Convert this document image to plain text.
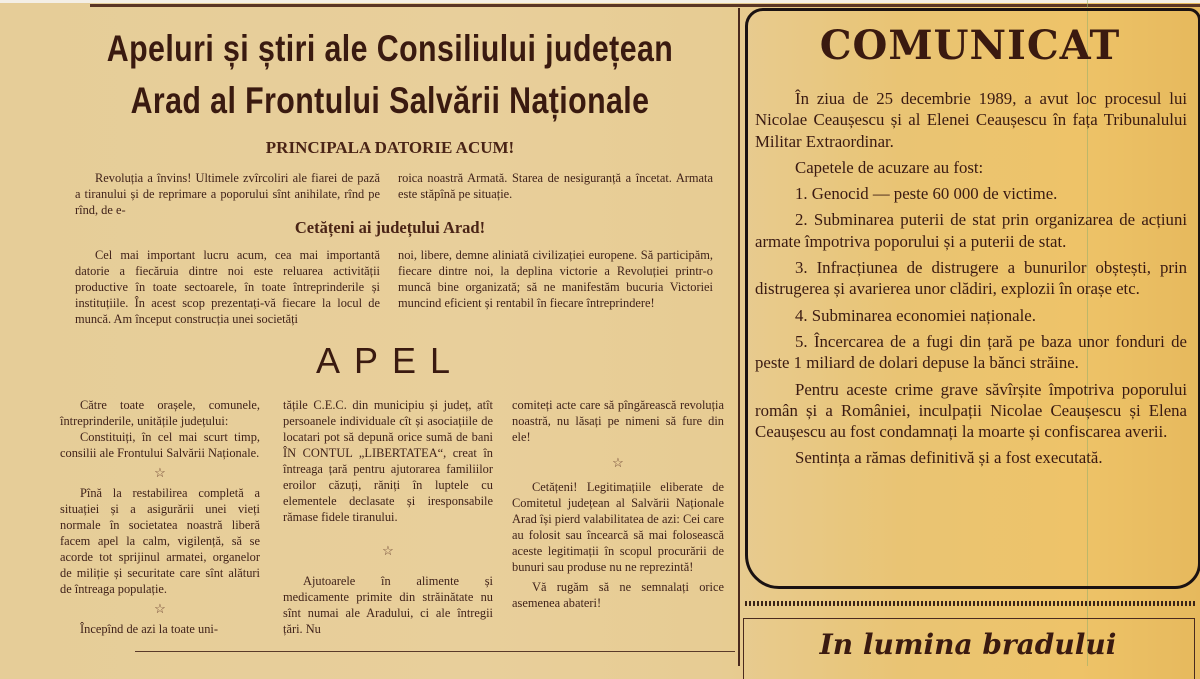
Apeluri și știri ale Consiliului județean
Arad al Frontului Salvării Naționale
PRINCIPALA DATORIE ACUM!
Revoluția a învins! Ultimele zvîrcoliri ale fiarei de pază a tiranului și de reprimare a poporului sînt anihilate, rînd pe rînd, de e-
roica noastră Armată. Starea de nesiguranță a încetat. Armata este stăpînă pe situație.
Cetățeni ai județului Arad!
Cel mai important lucru acum, cea mai importantă datorie a fiecăruia dintre noi este reluarea activității productive în toate sectoarele, în toate întreprinderile și instituțiile. În acest scop prezentați-vă fiecare la locul de muncă. Am început construcția unei societăți
noi, libere, demne aliniată civilizației europene. Să participăm, fiecare dintre noi, la deplina victorie a Revoluției printr-o muncă bine organizată; să ne manifestăm bucuria Victoriei muncind eficient și rentabil în fiecare întreprindere!
APEL

Către toate orașele, comunele, întreprinderile, unitățile județului:

Constituiți, în cel mai scurt timp, consilii ale Frontului Salvării Naționale.

☆

Pînă la restabilirea completă a situației și a asigurării unei vieți normale în societatea noastră liberă facem apel la calm, vigilență, să se acorde tot sprijinul armatei, organelor de miliție și securitate care sînt alături de întreaga populație.

☆

Începînd de azi la toate uni-

tățile C.E.C. din municipiu și județ, atît persoanele individuale cît și asociațiile de locatari pot să depună orice sumă de bani ÎN CONTUL „LIBERTATEA“, creat în întreaga țară pentru ajutorarea familiilor eroilor căzuți, răniți în luptele cu elementele declasate și iresponsabile rămase fidele tiranului.

☆

Ajutoarele în alimente și medicamente primite din străinătate nu sînt numai ale Aradului, ci ale întregii țări. Nu

comiteți acte care să pîngărească revoluția noastră, nu lăsați pe nimeni să fure din ele!

☆

Cetățeni! Legitimațiile eliberate de Comitetul județean al Salvării Naționale Arad își pierd valabilitatea de azi: Cei care au folosit sau încearcă să mai folosească aceste legitimații în scopul procurării de bunuri sau produse nu ne reprezintă!

Vă rugăm să ne semnalați orice asemenea abateri!

COMUNICAT

În ziua de 25 decembrie 1989, a avut loc procesul lui Nicolae Ceaușescu și al Elenei Ceaușescu în fața Tribunalului Militar Extraordinar.

Capetele de acuzare au fost:

1. Genocid — peste 60 000 de victime.

2. Subminarea puterii de stat prin organizarea de acțiuni armate împotriva poporului și a puterii de stat.

3. Infracțiunea de distrugere a bunurilor obștești, prin distrugerea și avarierea unor clădiri, explozii în orașe etc.

4. Subminarea economiei naționale.

5. Încercarea de a fugi din țară pe baza unor fonduri de peste 1 miliard de dolari depuse la bănci străine.

Pentru aceste crime grave săvîrșite împotriva poporului român și a României, inculpații Nicolae Ceaușescu și Elena Ceaușescu au fost condamnați la moarte și confiscarea averii.

Sentința a rămas definitivă și a fost executată.

In lumina bradului
